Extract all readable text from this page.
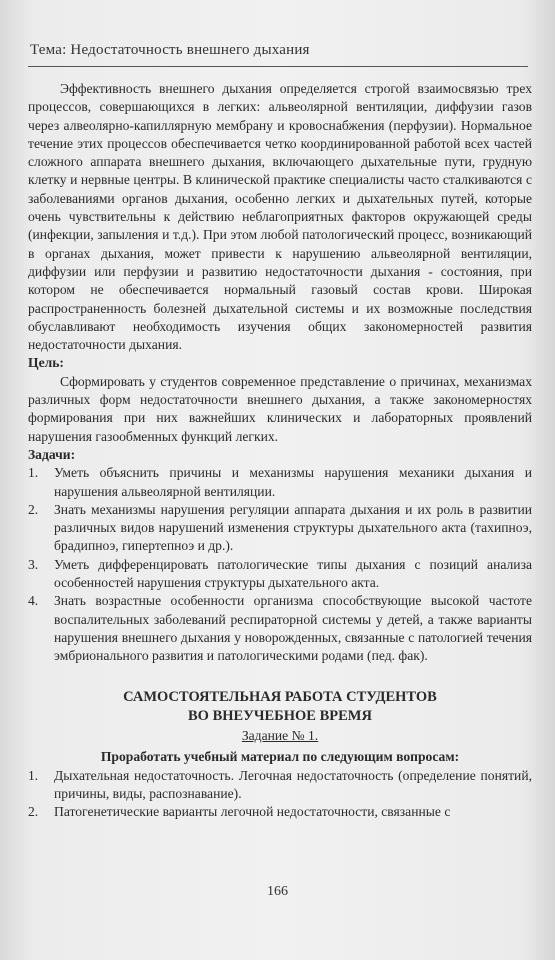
Тема: Недостаточность внешнего дыхания

Эффективность внешнего дыхания определяется строгой взаимосвязью трех процессов, совершающихся в легких: альвеолярной вентиляции, диффузии газов через алвеолярно-капиллярную мембрану и кровоснабжения (перфузии). Нормальное течение этих процессов обеспечивается четко координированной работой всех частей сложного аппарата внешнего дыхания, включающего дыхательные пути, грудную клетку и нервные центры. В клинической практике специалисты часто сталкиваются с заболеваниями органов дыхания, особенно легких и дыхательных путей, которые очень чувствительны к действию неблагоприятных факторов окружающей среды (инфекции, запыления и т.д.). При этом любой патологический процесс, возникающий в органах дыхания, может привести к нарушению альвеолярной вентиляции, диффузии или перфузии и развитию недостаточности дыхания - состояния, при котором не обеспечивается нормальный газовый состав крови. Широкая распространенность болезней дыхательной системы и их возможные последствия обуславливают необходимость изучения общих закономерностей развития недостаточности дыхания.

Цель:

Сформировать у студентов современное представление о причинах, механизмах различных форм недостаточности внешнего дыхания, а также закономерностях формирования при них важнейших клинических и лабораторных проявлений нарушения газообменных функций легких.

Задачи:

1. Уметь объяснить причины и механизмы нарушения механики дыхания и нарушения альвеолярной вентиляции.
2. Знать механизмы нарушения регуляции аппарата дыхания и их роль в развитии различных видов нарушений изменения структуры дыхательного акта (тахипноэ, брадипноэ, гипертепноэ и др.).
3. Уметь дифференцировать патологические типы дыхания с позиций анализа особенностей нарушения структуры дыхательного акта.
4. Знать возрастные особенности организма способствующие высокой частоте воспалительных заболеваний респираторной системы у детей, а также варианты нарушения внешнего дыхания у новорожденных, связанные с патологией течения эмбрионального развития и патологическими родами (пед. фак).
САМОСТОЯТЕЛЬНАЯ РАБОТА СТУДЕНТОВ
ВО ВНЕУЧЕБНОЕ ВРЕМЯ
Задание № 1.
Проработать учебный материал по следующим вопросам:
1. Дыхательная недостаточность. Легочная недостаточность (определение понятий, причины, виды, распознавание).
2. Патогенетические варианты легочной недостаточности, связанные с
166
